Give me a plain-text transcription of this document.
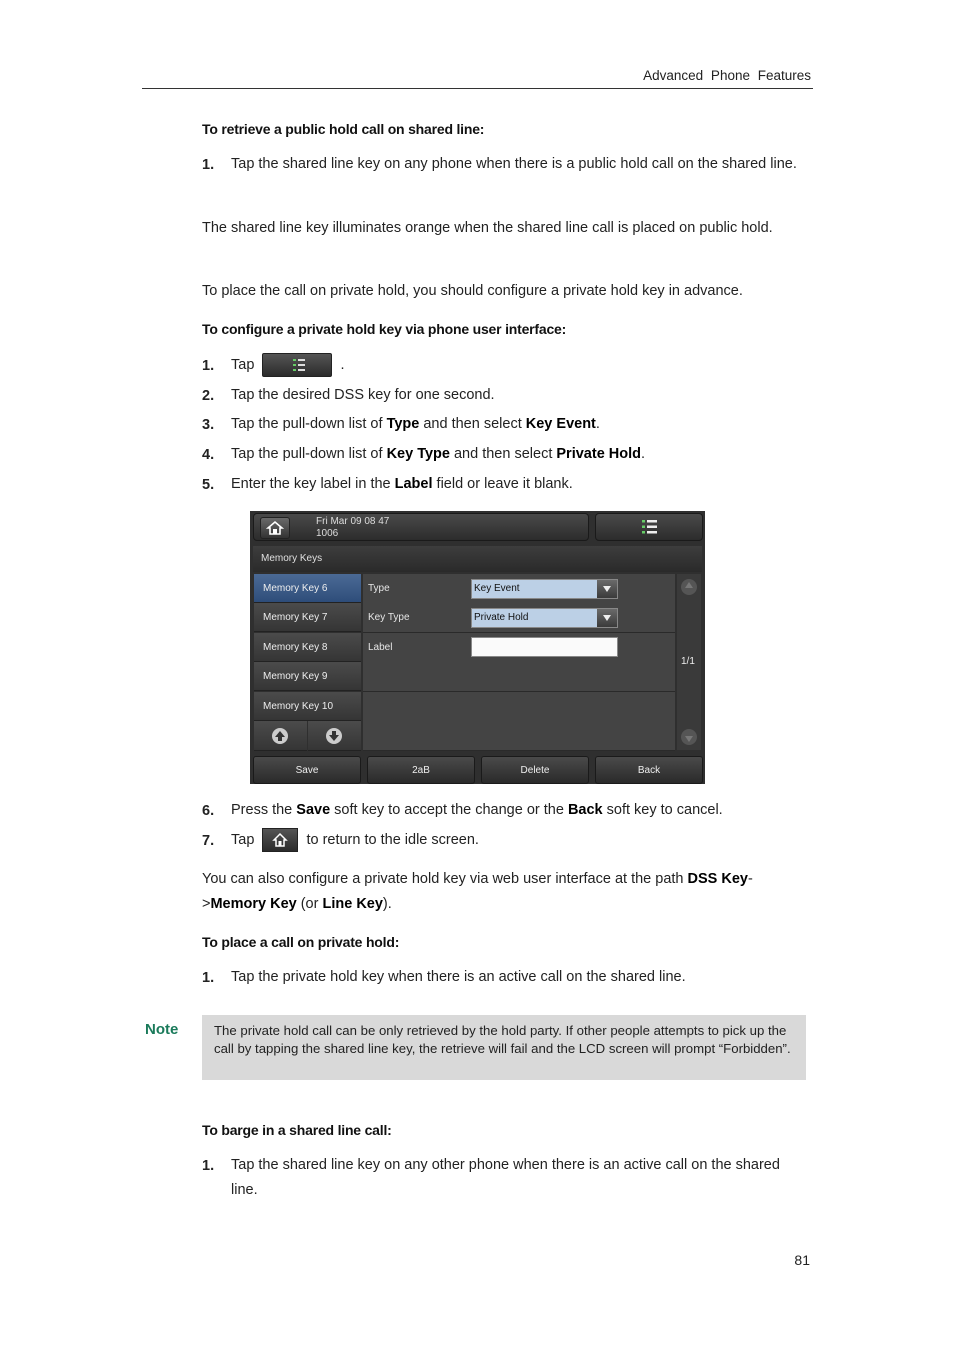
Advanced Phone Features
To retrieve a public hold call on shared line:
1. Tap the shared line key on any phone when there is a public hold call on the shared line.
The shared line key illuminates orange when the shared line call is placed on public hold.
To place the call on private hold, you should configure a private hold key in advance.
To configure a private hold key via phone user interface:
1. Tap	.
2. Tap the desired DSS key for one second.
3. Tap the pull-down list of Type and then select Key Event.
4. Tap the pull-down list of Key Type and then select Private Hold.
5. Enter the key label in the Label field or leave it blank.
Fri Mar 09 08 47
1006
Memory Keys
Memory Key 6
Memory Key 7
Memory Key 8
Memory Key 9
Memory Key 10
Type	Key Event
Key Type	Private Hold
Label
1/1
Save	2aB	Delete	Back
6. Press the Save soft key to accept the change or the Back soft key to cancel.
7. Tap	to return to the idle screen.
You can also configure a private hold key via web user interface at the path DSS Key->Memory Key (or Line Key).
To place a call on private hold:
1. Tap the private hold key when there is an active call on the shared line.
Note	The private hold call can be only retrieved by the hold party. If other people attempts to pick up the call by tapping the shared line key, the retrieve will fail and the LCD screen will prompt “Forbidden”.
To barge in a shared line call:
1. Tap the shared line key on any other phone when there is an active call on the shared line.
81
